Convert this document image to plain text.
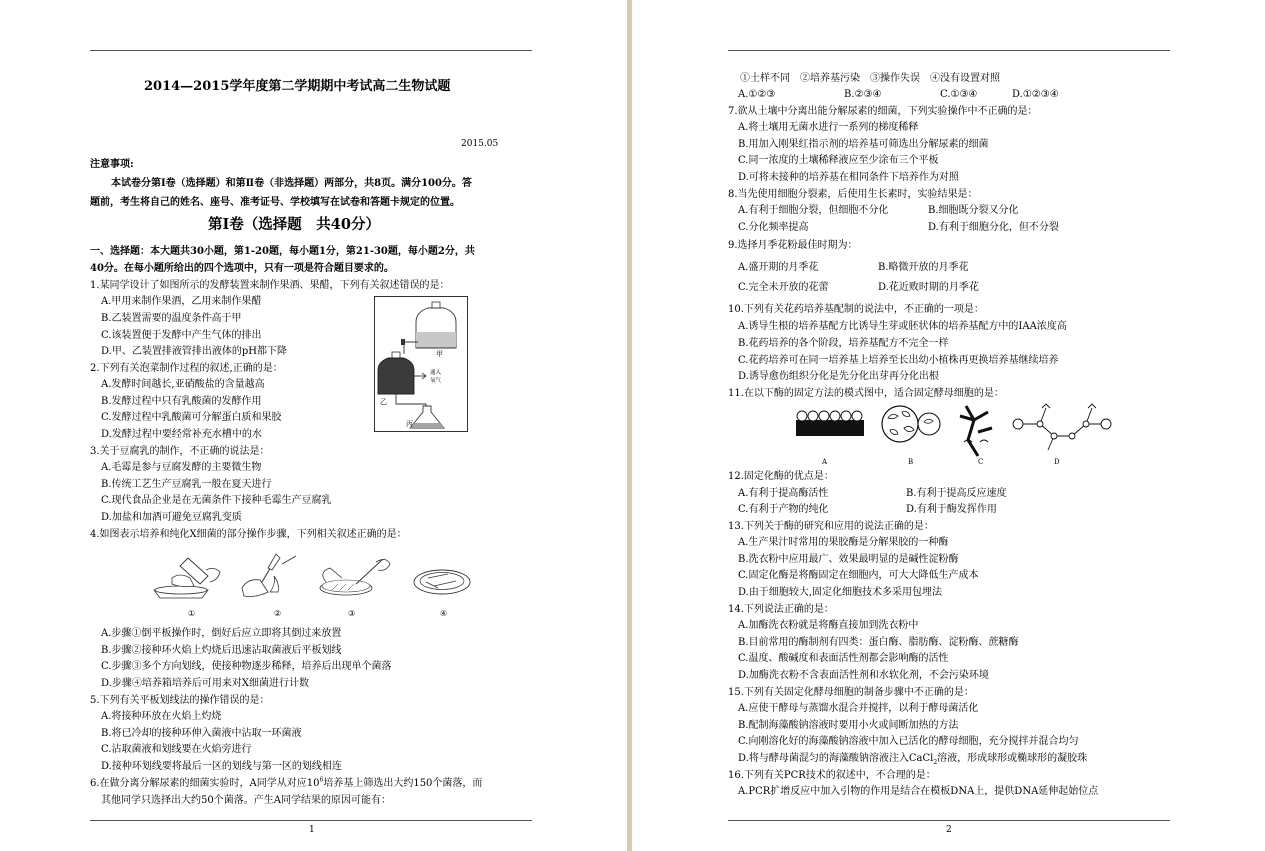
2014—2015学年度第二学期期中考试高二生物试题
2015.05
注意事项:
本试卷分第Ⅰ卷（选择题）和第Ⅱ卷（非选择题）两部分，共8页。满分100分。答
题前，考生将自己的姓名、座号、准考证号、学校填写在试卷和答题卡规定的位置。
第Ⅰ卷（选择题　共40分）
一、选择题：本大题共30小题，第1-20题，每小题1分，第21-30题，每小题2分，共
40分。在每小题所给出的四个选项中，只有一项是符合题目要求的。
1.某同学设计了如图所示的发酵装置来制作果酒、果醋，下列有关叙述错误的是：
A.甲用来制作果酒，乙用来制作果醋
B.乙装置需要的温度条件高于甲
C.该装置便于发酵中产生气体的排出
D.甲、乙装置排液管排出液体的pH都下降
2.下列有关泡菜制作过程的叙述,正确的是：
A.发酵时间越长,亚硝酸盐的含量越高
B.发酵过程中只有乳酸菌的发酵作用
C.发酵过程中乳酸菌可分解蛋白质和果胶
D.发酵过程中要经常补充水槽中的水
3.关于豆腐乳的制作，不正确的说法是：
A.毛霉是参与豆腐发酵的主要微生物
B.传统工艺生产豆腐乳一般在夏天进行
C.现代食品企业是在无菌条件下接种毛霉生产豆腐乳
D.加盐和加酒可避免豆腐乳变质
4.如图表示培养和纯化X细菌的部分操作步骤，下列相关叙述正确的是：
甲
乙
丙
通入
氧气
①	②	③	④
A.步骤①倒平板操作时，倒好后应立即将其倒过来放置
B.步骤②接种环火焰上灼烧后迅速沾取菌液后平板划线
C.步骤③多个方向划线，使接种物逐步稀释，培养后出现单个菌落
D.步骤④培养箱培养后可用来对X细菌进行计数
5.下列有关平板划线法的操作错误的是：
A.将接种环放在火焰上灼烧
B.将已冷却的接种环伸入菌液中沾取一环菌液
C.沾取菌液和划线要在火焰旁进行
D.接种环划线要将最后一区的划线与第一区的划线相连
6.在做分离分解尿素的细菌实验时，A同学从对应$10^6$培养基上筛选出大约150个菌落，而
其他同学只选择出大约50个菌落。产生A同学结果的原因可能有：
1
①土样不同　②培养基污染　③操作失误　④没有设置对照
A.①②③	B.②③④	C.①③④	D.①②③④
7.欲从土壤中分离出能分解尿素的细菌，下列实验操作中不正确的是：
A.将土壤用无菌水进行一系列的梯度稀释
B.用加入刚果红指示剂的培养基可筛选出分解尿素的细菌
C.同一浓度的土壤稀释液应至少涂布三个平板
D.可将未接种的培养基在相同条件下培养作为对照
8.当先使用细胞分裂素，后使用生长素时，实验结果是：
A.有利于细胞分裂，但细胞不分化	B.细胞既分裂又分化
C.分化频率提高	D.有利于细胞分化，但不分裂
9.选择月季花粉最佳时期为：
A.盛开期的月季花	B.略微开放的月季花
C.完全未开放的花蕾	D.花近败时期的月季花
10.下列有关花药培养基配制的说法中，不正确的一项是：
A.诱导生根的培养基配方比诱导生芽或胚状体的培养基配方中的IAA浓度高
B.花药培养的各个阶段，培养基配方不完全一样
C.花药培养可在同一培养基上培养至长出幼小植株再更换培养基继续培养
D.诱导愈伤组织分化是先分化出芽再分化出根
11.在以下酶的固定方法的模式图中，适合固定酵母细胞的是：
A	B	C	D
12.固定化酶的优点是：
A.有利于提高酶活性	B.有利于提高反应速度
C.有利于产物的纯化	D.有利于酶发挥作用
13.下列关于酶的研究和应用的说法正确的是：
A.生产果汁时常用的果胶酶是分解果胶的一种酶
B.洗衣粉中应用最广、效果最明显的是碱性淀粉酶
C.固定化酶是将酶固定在细胞内，可大大降低生产成本
D.由于细胞较大,固定化细胞技术多采用包埋法
14.下列说法正确的是：
A.加酶洗衣粉就是将酶直接加到洗衣粉中
B.目前常用的酶制剂有四类：蛋白酶、脂肪酶、淀粉酶、蔗糖酶
C.温度、酸碱度和表面活性剂都会影响酶的活性
D.加酶洗衣粉不含表面活性剂和水软化剂，不会污染环境
15.下列有关固定化酵母细胞的制备步骤中不正确的是：
A.应使干酵母与蒸馏水混合并搅拌，以利于酵母菌活化
B.配制海藻酸钠溶液时要用小火或间断加热的方法
C.向刚溶化好的海藻酸钠溶液中加入已活化的酵母细胞，充分搅拌并混合均匀
D.将与酵母菌混匀的海藻酸钠溶液注入CaCl$_2$溶液，形成球形或椭球形的凝胶珠
16.下列有关PCR技术的叙述中，不合理的是：
A.PCR扩增反应中加入引物的作用是结合在模板DNA上，提供DNA延伸起始位点
2
